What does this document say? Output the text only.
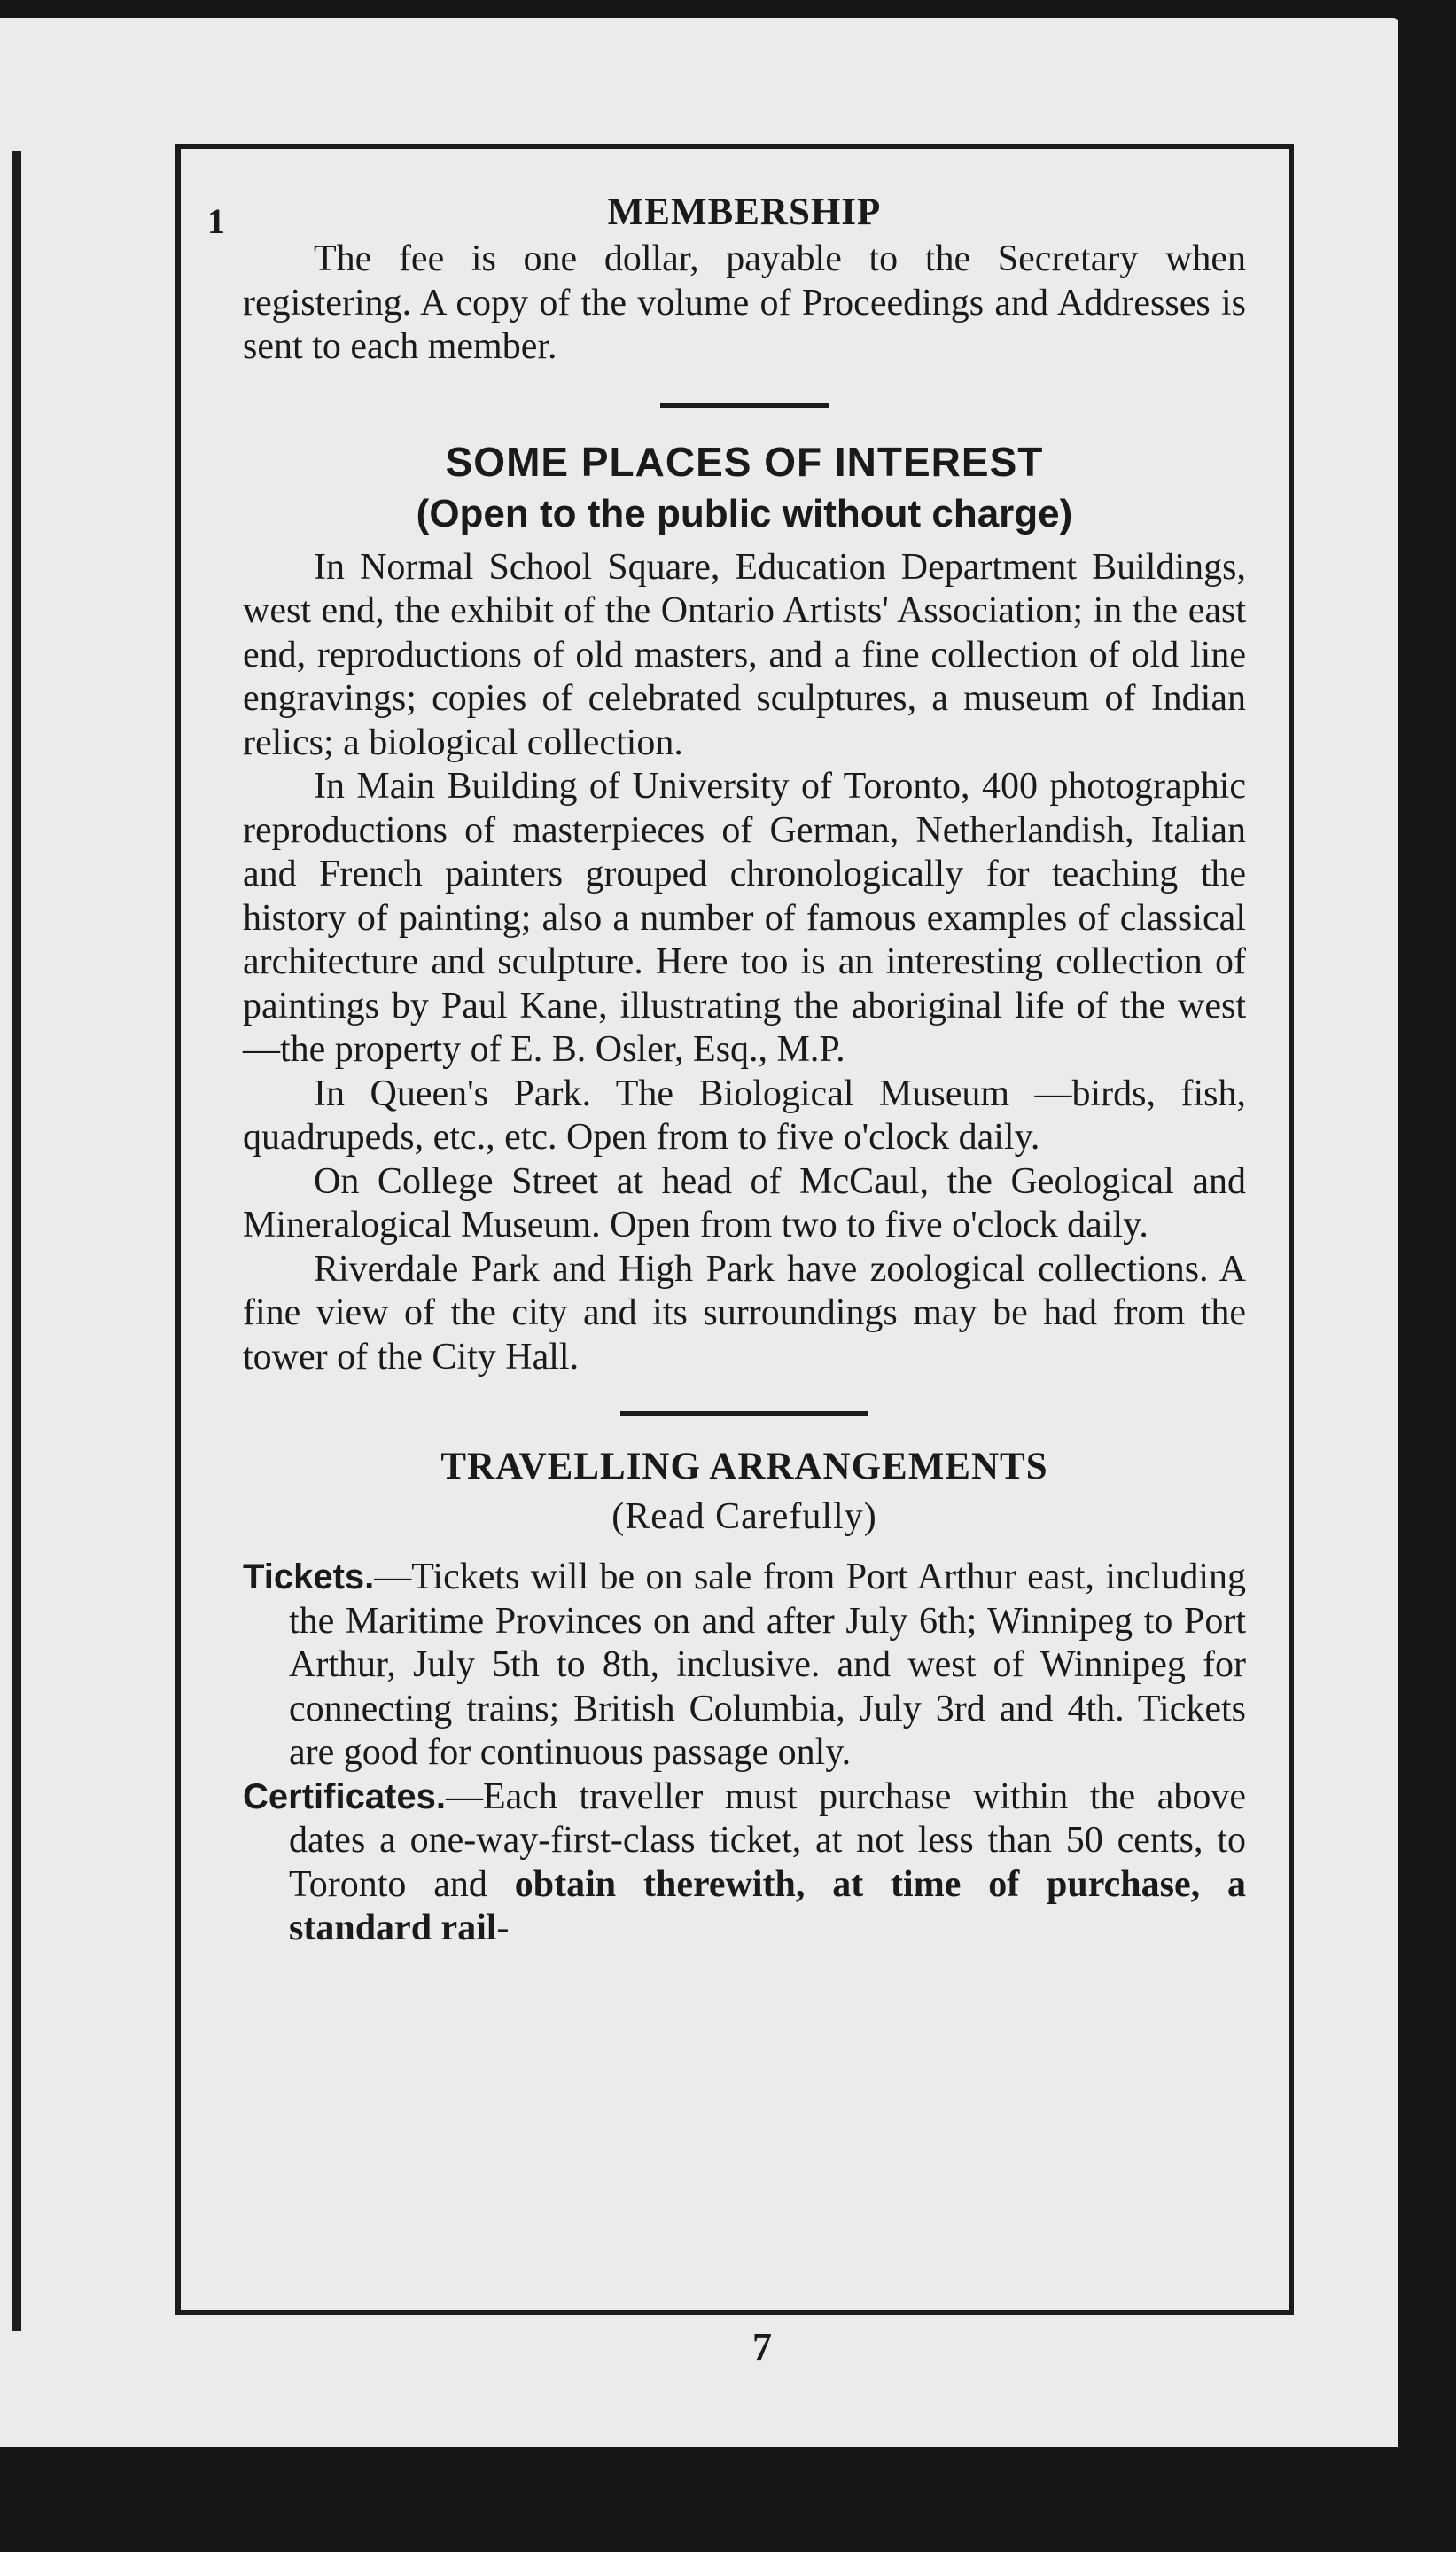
1	MEMBERSHIP

The fee is one dollar, payable to the Secretary when registering. A copy of the volume of Proceedings and Addresses is sent to each member.

SOME PLACES OF INTEREST
(Open to the public without charge)

In Normal School Square, Education Department Buildings, west end, the exhibit of the Ontario Artists' Association; in the east end, reproductions of old masters, and a fine collection of old line engravings; copies of celebrated sculptures, a museum of Indian relics; a biological collection.

In Main Building of University of Toronto, 400 photographic reproductions of masterpieces of German, Netherlandish, Italian and French painters grouped chronologically for teaching the history of painting; also a number of famous examples of classical architecture and sculpture. Here too is an interesting collection of paintings by Paul Kane, illustrating the aboriginal life of the west—the property of E. B. Osler, Esq., M.P.

In Queen's Park. The Biological Museum —birds, fish, quadrupeds, etc., etc. Open from to five o'clock daily.

On College Street at head of McCaul, the Geological and Mineralogical Museum. Open from two to five o'clock daily.

Riverdale Park and High Park have zoological collections. A fine view of the city and its surroundings may be had from the tower of the City Hall.

TRAVELLING ARRANGEMENTS
(Read Carefully)
Tickets.—Tickets will be on sale from Port Arthur east, including the Maritime Provinces on and after July 6th; Winnipeg to Port Arthur, July 5th to 8th, inclusive. and west of Winnipeg for connecting trains; British Columbia, July 3rd and 4th. Tickets are good for continuous passage only.
Certificates.—Each traveller must purchase within the above dates a one-way-first-class ticket, at not less than 50 cents, to Toronto and obtain therewith, at time of purchase, a standard rail-
7
